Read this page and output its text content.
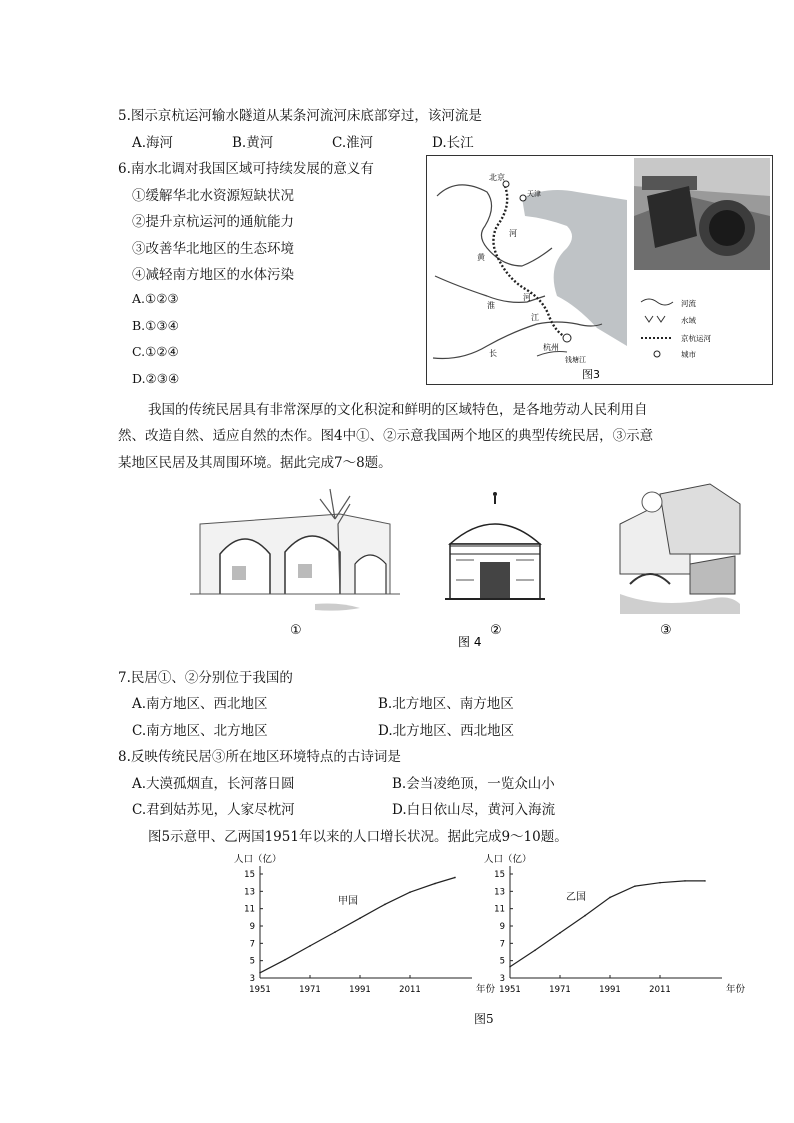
5.图示京杭运河输水隧道从某条河流河床底部穿过，该河流是
A.海河	B.黄河	C.淮河	D.长江
6.南水北调对我国区域可持续发展的意义有
①缓解华北水资源短缺状况
②提升京杭运河的通航能力
③改善华北地区的生态环境
④减轻南方地区的水体污染
A.①②③
B.①③④
C.①②④
D.②③④
北京
天津
河
黄
河
淮
江
长
杭州
钱塘江
河流
水域
京杭运河
城市
图3
我国的传统民居具有非常深厚的文化积淀和鲜明的区域特色，是各地劳动人民利用自
然、改造自然、适应自然的杰作。图4中①、②示意我国两个地区的典型传统民居，③示意
某地区民居及其周围环境。据此完成7～8题。
①	②	③
图 4
7.民居①、②分别位于我国的
A.南方地区、西北地区	B.北方地区、南方地区
C.南方地区、北方地区	D.北方地区、西北地区
8.反映传统民居③所在地区环境特点的古诗词是
A.大漠孤烟直，长河落日圆	B.会当凌绝顶，一览众山小
C.君到姑苏见，人家尽枕河	D.白日依山尽，黄河入海流
图5示意甲、乙两国1951年以来的人口增长状况。据此完成9～10题。
人口（亿）
3
5
7
9
11
13
15
1951	1971	1991	2011	年份
甲国
人口（亿）
3
5
7
9
11
13
15
1951	1971	1991	2011	年份
乙国
图5
